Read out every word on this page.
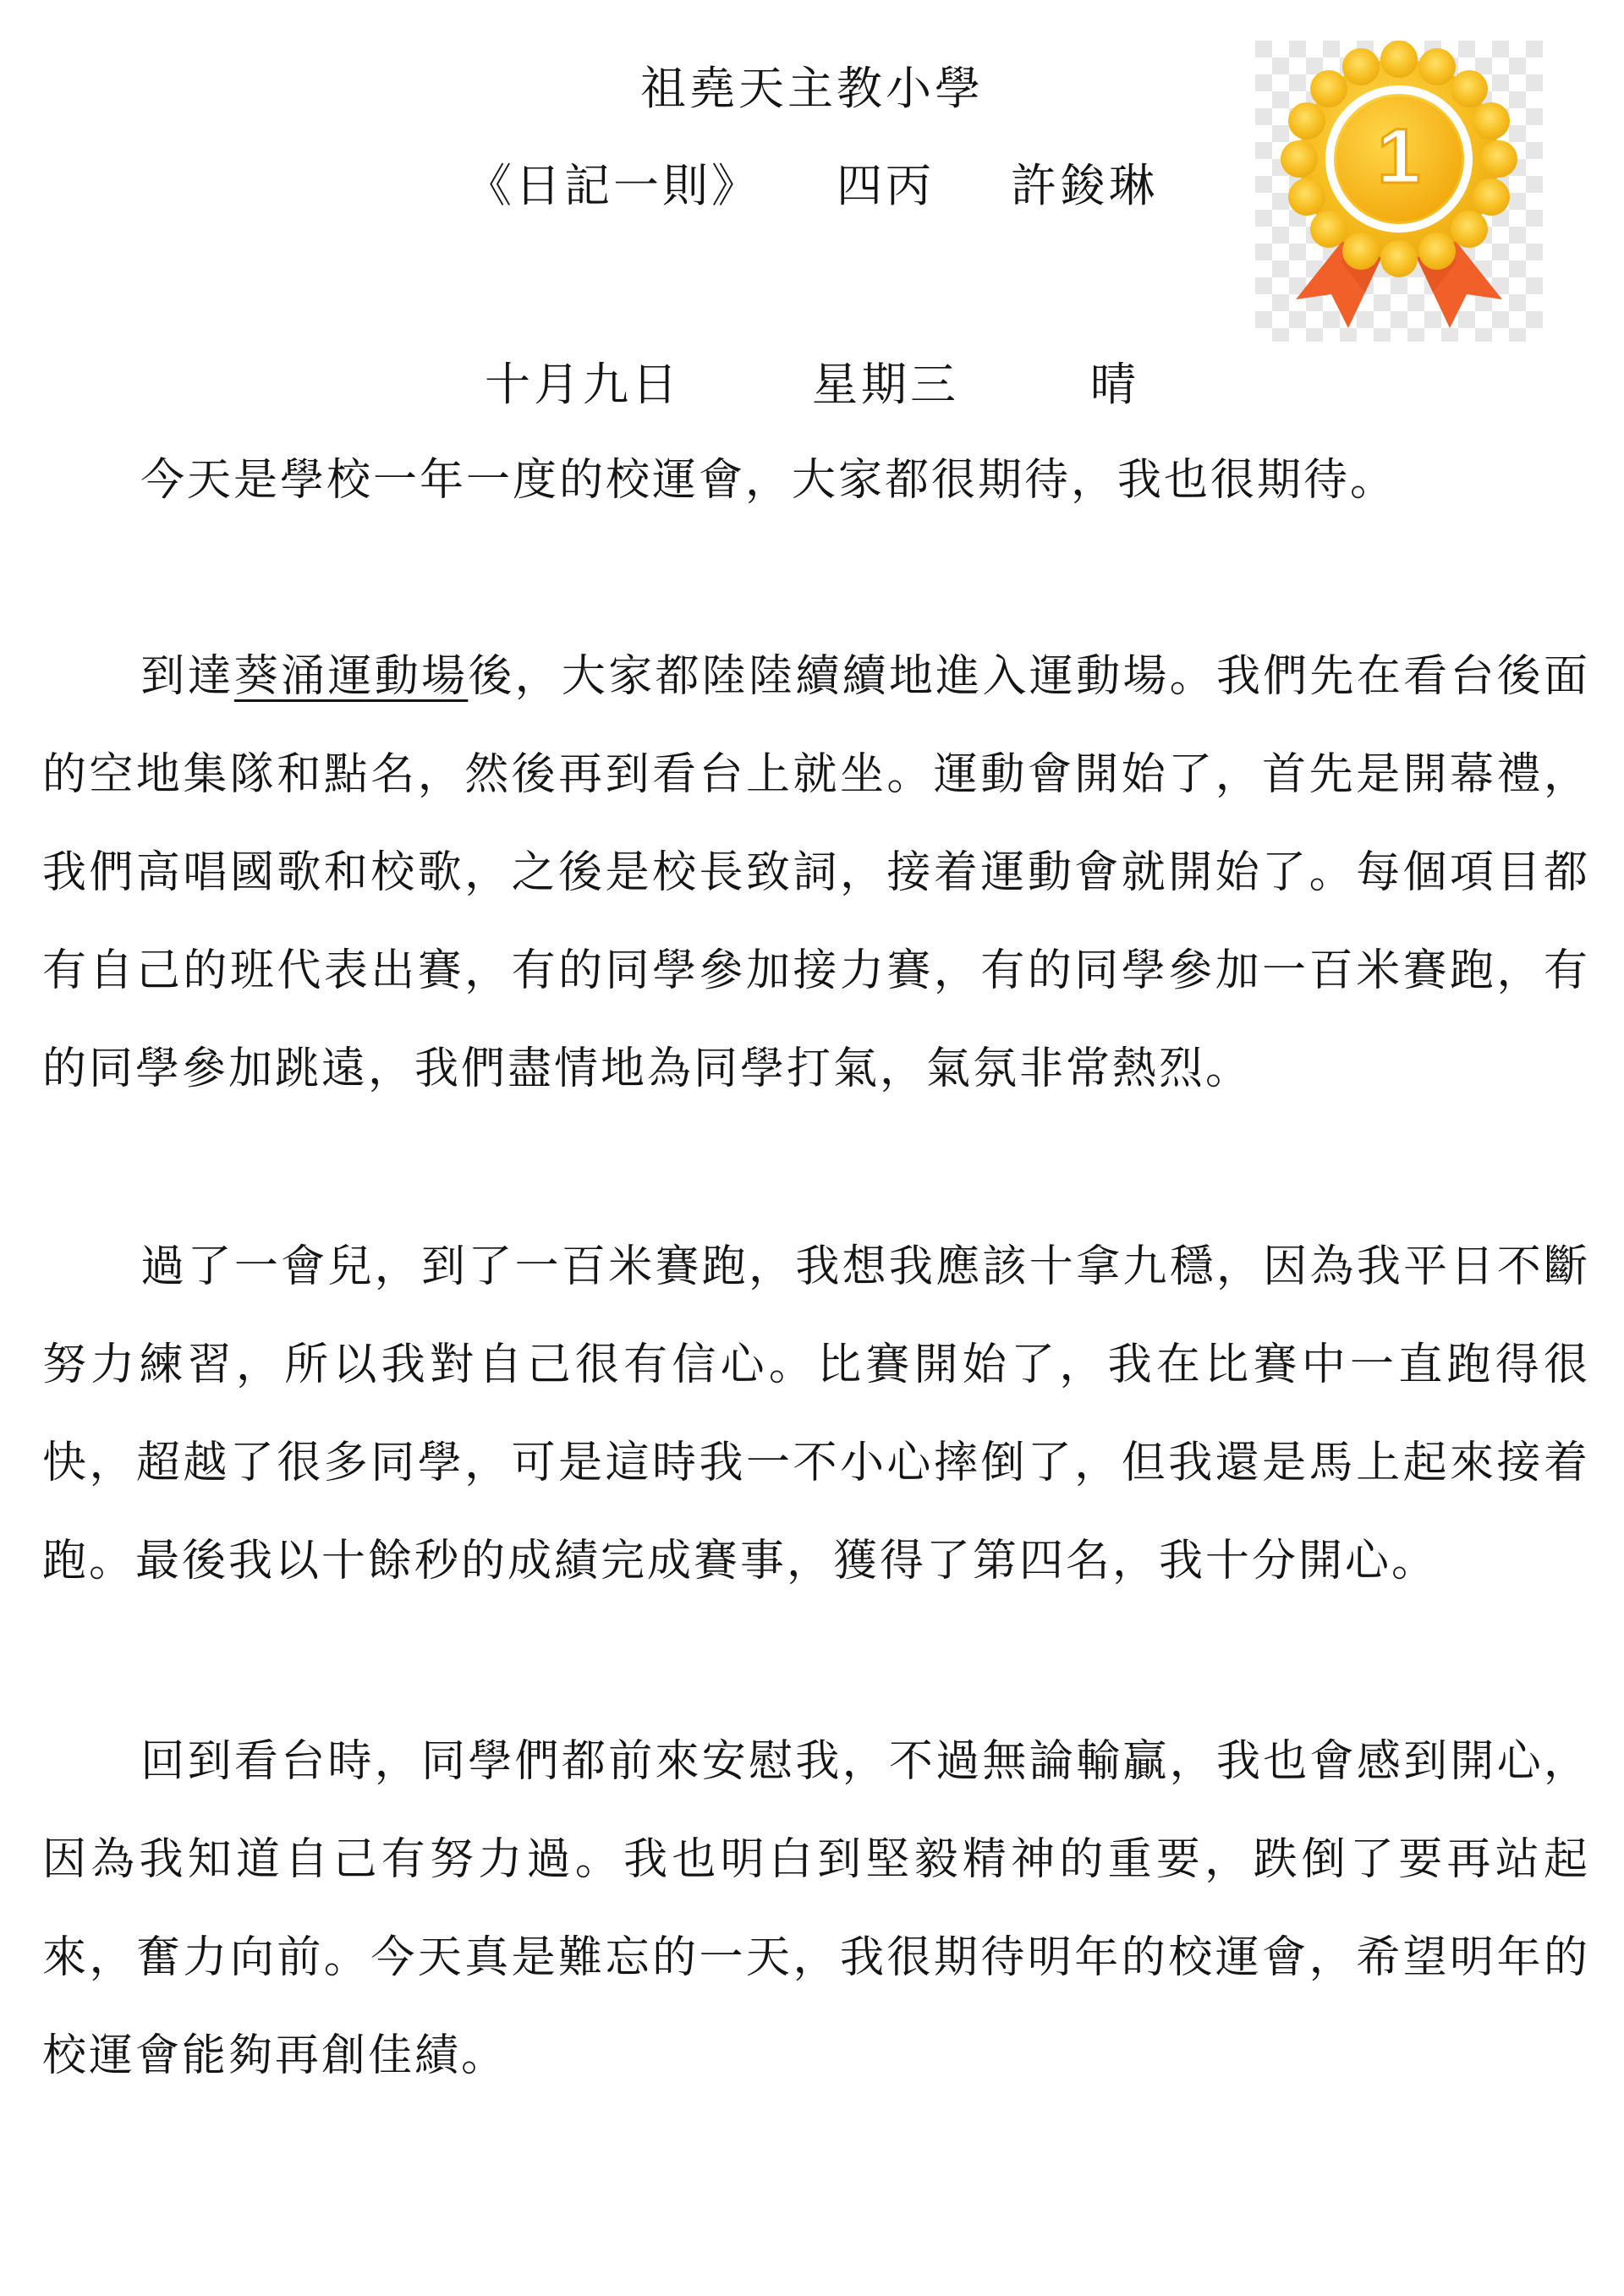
祖堯天主教小學
《日記一則》 四丙 許鋑琳	1
十月九日	星期三	晴
今天是學校一年一度的校運會，大家都很期待，我也很期待。
到達葵涌運動場後，大家都陸陸續續地進入運動場。我們先在看台後面的空地集隊和點名，然後再到看台上就坐。運動會開始了，首先是開幕禮，我們高唱國歌和校歌，之後是校長致詞，接着運動會就開始了。每個項目都有自己的班代表出賽，有的同學參加接力賽，有的同學參加一百米賽跑，有的同學參加跳遠，我們盡情地為同學打氣，氣氛非常熱烈。
過了一會兒，到了一百米賽跑，我想我應該十拿九穩，因為我平日不斷努力練習，所以我對自己很有信心。比賽開始了，我在比賽中一直跑得很快，超越了很多同學，可是這時我一不小心摔倒了，但我還是馬上起來接着跑。最後我以十餘秒的成績完成賽事，獲得了第四名，我十分開心。
回到看台時，同學們都前來安慰我，不過無論輸贏，我也會感到開心，因為我知道自己有努力過。我也明白到堅毅精神的重要，跌倒了要再站起來，奮力向前。今天真是難忘的一天，我很期待明年的校運會，希望明年的校運會能夠再創佳績。
